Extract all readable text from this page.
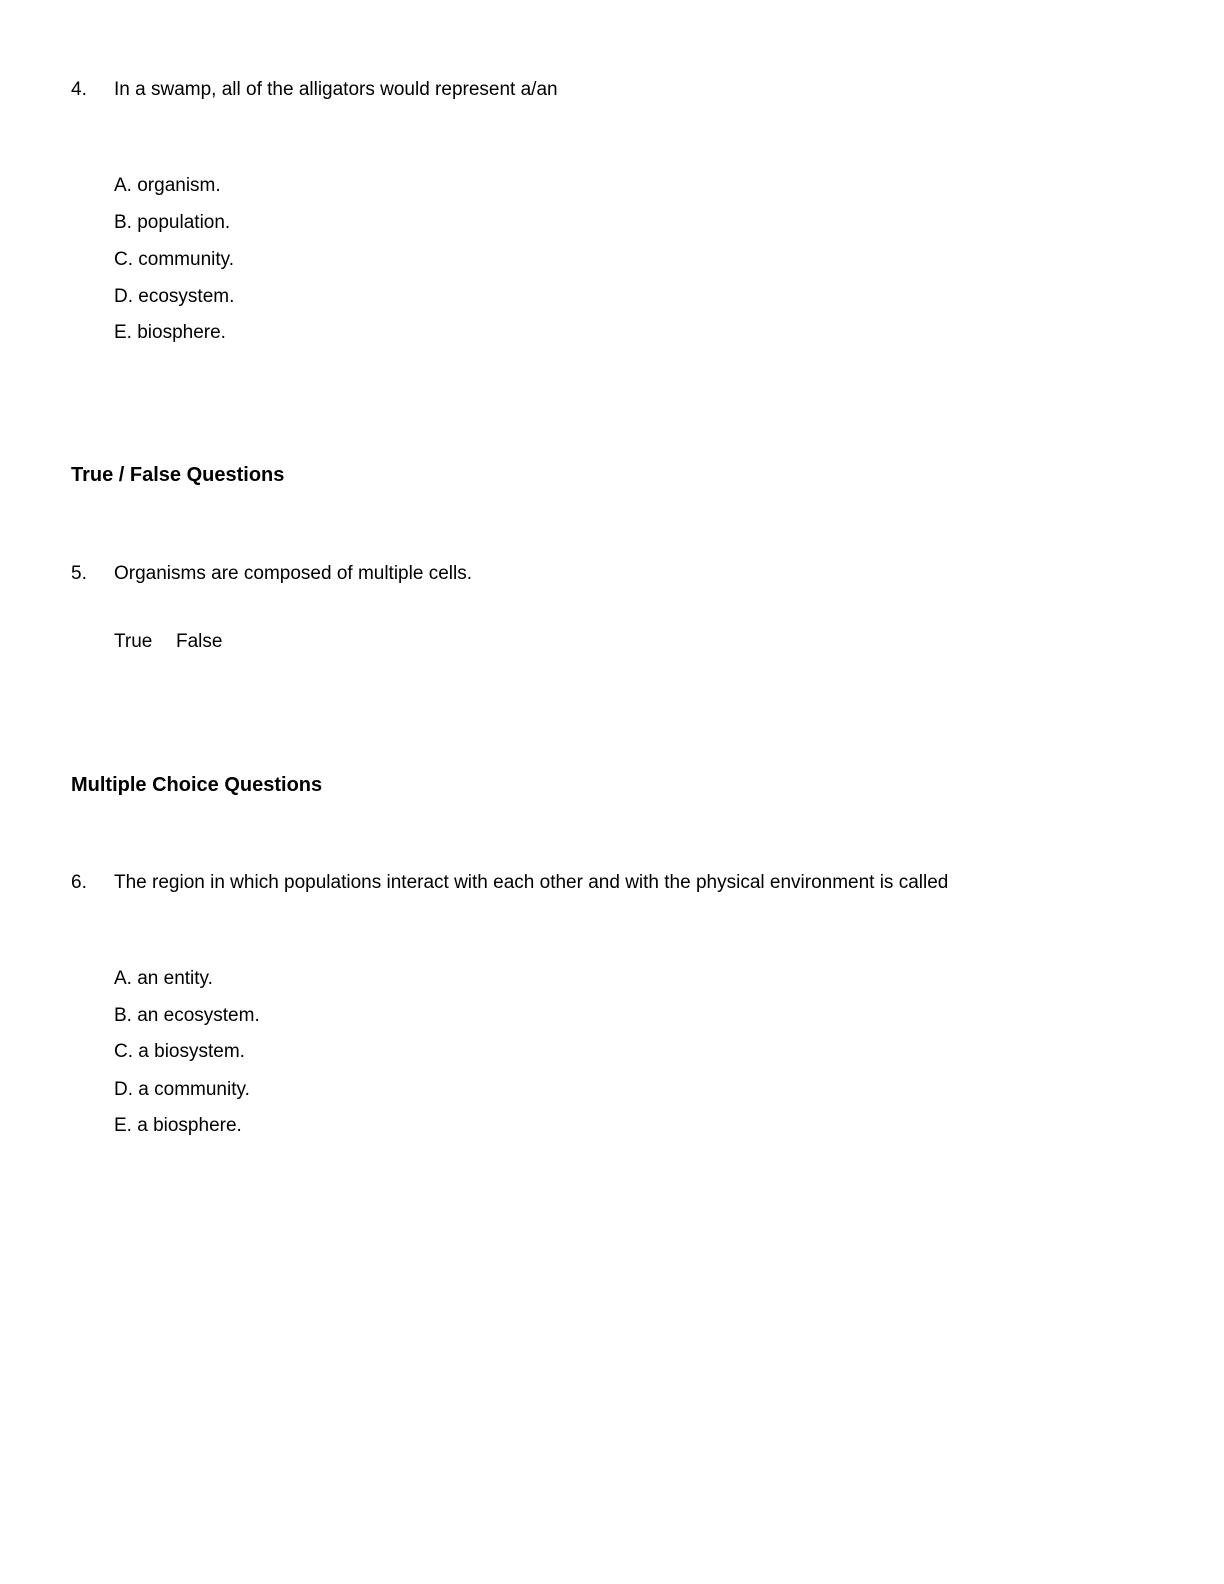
4. In a swamp, all of the alligators would represent a/an
A. organism.
B. population.
C. community.
D. ecosystem.
E. biosphere.
True / False Questions
5. Organisms are composed of multiple cells.
True False
Multiple Choice Questions
6. The region in which populations interact with each other and with the physical environment is called
A. an entity.
B. an ecosystem.
C. a biosystem.
D. a community.
E. a biosphere.
